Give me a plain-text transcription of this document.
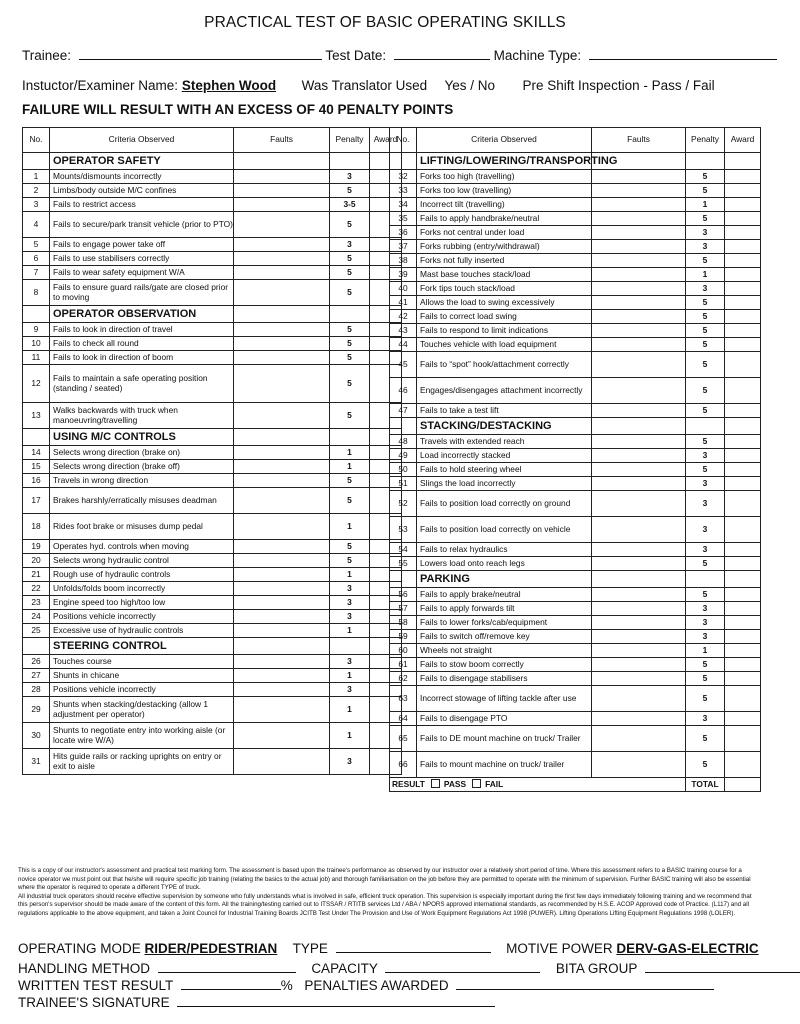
PRACTICAL TEST OF BASIC OPERATING SKILLS
Trainee:	Test Date:	Machine Type:
Instuctor/Examiner Name: Stephen Wood Was Translator Used Yes / No Pre Shift Inspection - Pass / Fail
FAILURE WILL RESULT WITH AN EXCESS OF 40 PENALTY POINTS
No.	Criteria Observed	Faults	Penalty	Award
	OPERATOR SAFETY			
1	Mounts/dismounts incorrectly		3	
2	Limbs/body outside M/C confines		5	
3	Fails to restrict access		3-5	
4	Fails to secure/park transit vehicle (prior to PTO)		5	
5	Fails to engage power take off		3	
6	Fails to use stabilisers correctly		5	
7	Fails to wear safety equipment W/A		5	
8	Fails to ensure guard rails/gate are closed prior to moving		5	
	OPERATOR OBSERVATION			
9	Fails to look in direction of travel		5	
10	Fails to check all round		5	
11	Fails to look in direction of boom		5	
12	Fails to maintain a safe operating position (standing / seated)		5	
13	Walks backwards with truck when manoeuvring/travelling		5	
	USING M/C CONTROLS			
14	Selects wrong direction (brake on)		1	
15	Selects wrong direction (brake off)		1	
16	Travels in wrong direction		5	
17	Brakes harshly/erratically misuses deadman		5	
18	Rides foot brake or misuses dump pedal		1	
19	Operates hyd. controls when moving		5	
20	Selects wrong hydraulic control		5	
21	Rough use of hydraulic controls		1	
22	Unfolds/folds boom incorrectly		3	
23	Engine speed too high/too low		3	
24	Positions vehicle incorrectly		3	
25	Excessive use of hydraulic controls		1	
	STEERING CONTROL			
26	Touches course		3	
27	Shunts in chicane		1	
28	Positions vehicle incorrectly		3	
29	Shunts when stacking/destacking (allow 1 adjustment per operator)		1	
30	Shunts to negotiate entry into working aisle (or locate wire W/A)		1	
31	Hits guide rails or racking uprights on entry or exit to aisle		3	
No.	Criteria Observed	Faults	Penalty	Award
	LIFTING/LOWERING/TRANSPORTING			
32	Forks too high (travelling)		5	
33	Forks too low (travelling)		5	
34	Incorrect tilt (travelling)		1	
35	Fails to apply handbrake/neutral		5	
36	Forks not central under load		3	
37	Forks rubbing (entry/withdrawal)		3	
38	Forks not fully inserted		5	
39	Mast base touches stack/load		1	
40	Fork tips touch stack/load		3	
41	Allows the load to swing excessively		5	
42	Fails to correct load swing		5	
43	Fails to respond to limit indications		5	
44	Touches vehicle with load equipment		5	
45	Fails to “spot” hook/attachment correctly		5	
46	Engages/disengages attachment incorrectly		5	
47	Fails to take a test lift		5	
	STACKING/DESTACKING			
48	Travels with extended reach		5	
49	Load incorrectly stacked		3	
50	Fails to hold steering wheel		5	
51	Slings the load incorrectly		3	
52	Fails to position load correctly on ground		3	
53	Fails to position load correctly on vehicle		3	
54	Fails to relax hydraulics		3	
55	Lowers load onto reach legs		5	
	PARKING			
56	Fails to apply brake/neutral		5	
57	Fails to apply forwards tilt		3	
58	Fails to lower forks/cab/equipment		3	
59	Fails to switch off/remove key		3	
60	Wheels not straight		1	
61	Fails to stow boom correctly		5	
62	Fails to disengage stabilisers		5	
63	Incorrect stowage of lifting tackle after use		5	
64	Fails to disengage PTO		3	
65	Fails to DE mount machine on truck/ Trailer		5	
66	Fails to mount machine on truck/ trailer		5	
RESULT PASS FAIL			TOTAL	
This is a copy of our instructor's assessment and practical test marking form. The assessment is based upon the trainee's performance as observed by our instructor over a relatively short period of time. Where this assessment refers to a BASIC training course for a novice operator we must point out that he/she will require specific job training (relating the basics to the actual job) and thorough familiarisation on the job before they are permitted to operate with the minimum of supervision. Further BASIC training will also be essential where the operator is required to operate a different TYPE of truck.
All industrial truck operators should receive effective supervision by someone who fully understands what is involved in safe, efficient truck operation. This supervision is especially important during the first few days immediately following training and we recommend that this person's supervisor should be made aware of the content of this form. All the training/testing carried out to ITSSAR / RTITB services Ltd / ABA / NPORS approved international standards, as recommended by H.S.E. ACOP Approved code of Practice. (L117) and all regulations applicable to the above equipment, and taken a Joint Council for Industrial Training Boards JCITB Test Under The Provision and Use of Work Equipment Regulations Act 1998 (PUWER). Lifting Operations Lifting Equipment Regulations 1998 (LOLER).
OPERATING MODE RIDER/PEDESTRIAN TYPE	MOTIVE POWER DERV-GAS-ELECTRIC
HANDLING METHOD	CAPACITY	BITA GROUP
WRITTEN TEST RESULT	% PENALTIES AWARDED
TRAINEE'S SIGNATURE
